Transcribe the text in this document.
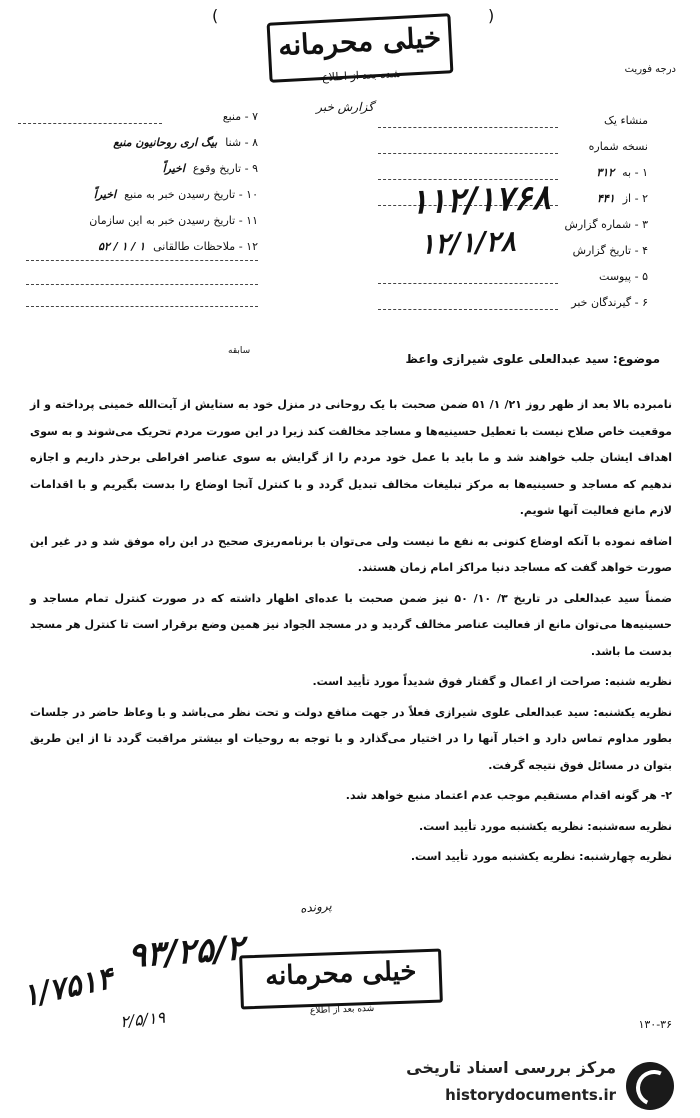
(	)
خیلی محرمانه
شده بعد از اطلاع
گزارش خبر
درجه فوریت
منشاء یک
نسخه شماره
۱ - به۳۱۲
۲ - از۴۴۱
۳ - شماره گزارش
۴ - تاریخ گزارش
۵ - پیوست
۶ - گیرندگان خبر
۷ - منبع
۸ - شنابیگ اری روحانیون منبع
۹ - تاریخ وقوعاخیراً
۱۰ - تاریخ رسیدن خبر به منبعاخیراً
۱۱ - تاریخ رسیدن خبر به این سازمان
۱۲ - ملاحظات طالقانی۱ / ۱ / ۵۲
۱۱۲/۱۷۶۸
۱۲/۱/۲۸
سابقه
موضوع: سید عبدالعلی علوی شیرازی واعظ

نامبرده بالا بعد از ظهر روز ۲۱/ ۱/ ۵۱ ضمن صحبت با یک روحانی در منزل خود به ستایش از آیت‌الله خمینی پرداخته و از موقعیت خاص صلاح نیست با تعطیل حسینیه‌ها و مساجد مخالفت کند زیرا در این صورت مردم تحریک می‌شوند و به سوی اهداف ایشان جلب خواهند شد و ما باید با عمل خود مردم را از گرایش به سوی عناصر افراطی برحذر داریم و اجازه ندهیم که مساجد و حسینیه‌ها به مرکز تبلیغات مخالف تبدیل گردد و با کنترل آنجا اوضاع را بدست بگیریم و با اقدامات لازم مانع فعالیت آنها شویم.

اضافه نموده با آنکه اوضاع کنونی به نفع ما نیست ولی می‌توان با برنامه‌ریزی صحیح در این راه موفق شد و در غیر این صورت خواهد گفت که مساجد دنیا مراکز امام زمان هستند.

ضمناً سید عبدالعلی در تاریخ ۳/ ۱۰/ ۵۰ نیز ضمن صحبت با عده‌ای اظهار داشته که در صورت کنترل تمام مساجد و حسینیه‌ها می‌توان مانع از فعالیت عناصر مخالف گردید و در مسجد الجواد نیز همین وضع برقرار است تا کنترل هر مسجد بدست ما باشد.

نظریه شنبه: صراحت از اعمال و گفتار فوق شدیداً مورد تأیید است.

نظریه یکشنبه: سید عبدالعلی علوی شیرازی فعلاً در جهت منافع دولت و تحت نظر می‌باشد و با وعاظ حاضر در جلسات بطور مداوم تماس دارد و اخبار آنها را در اختیار می‌گذارد و با توجه به روحیات او بیشتر مراقبت گردد تا از این طریق بتوان در مسائل فوق نتیجه گرفت.

۲- هر گونه اقدام مستقیم موجب عدم اعتماد منبع خواهد شد.

نظریه سه‌شنبه: نظریه یکشنبه مورد تأیید است.

نظریه چهارشنبه: نظریه یکشنبه مورد تأیید است.

پرونده
۹۳/۲۵/۲
۱/۷۵۱۴
۲/۵/۱۹
خیلی محرمانه
شده بعد از اطلاع
۱۳۰-۳۶
مرکز بررسی اسناد تاریخی
historydocuments.ir
